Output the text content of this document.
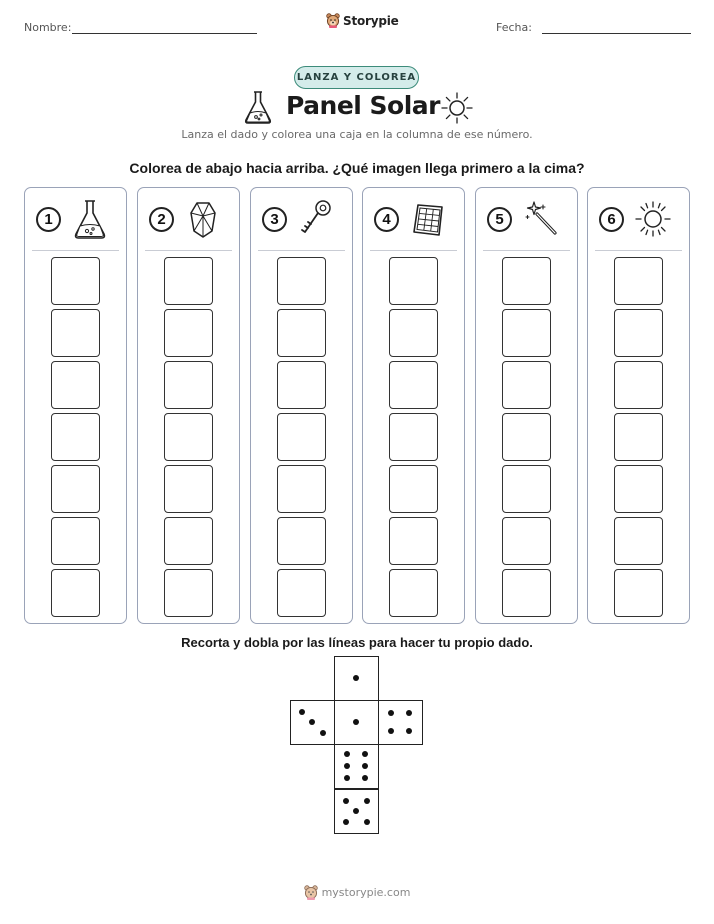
Nombre:	Storypie	Fecha:
LANZA Y COLOREA
Panel Solar
Lanza el dado y colorea una caja en la columna de ese número.
Colorea de abajo hacia arriba. ¿Qué imagen llega primero a la cima?
1	2	3	4	5	6
Recorta y dobla por las líneas para hacer tu propio dado.
mystorypie.com
